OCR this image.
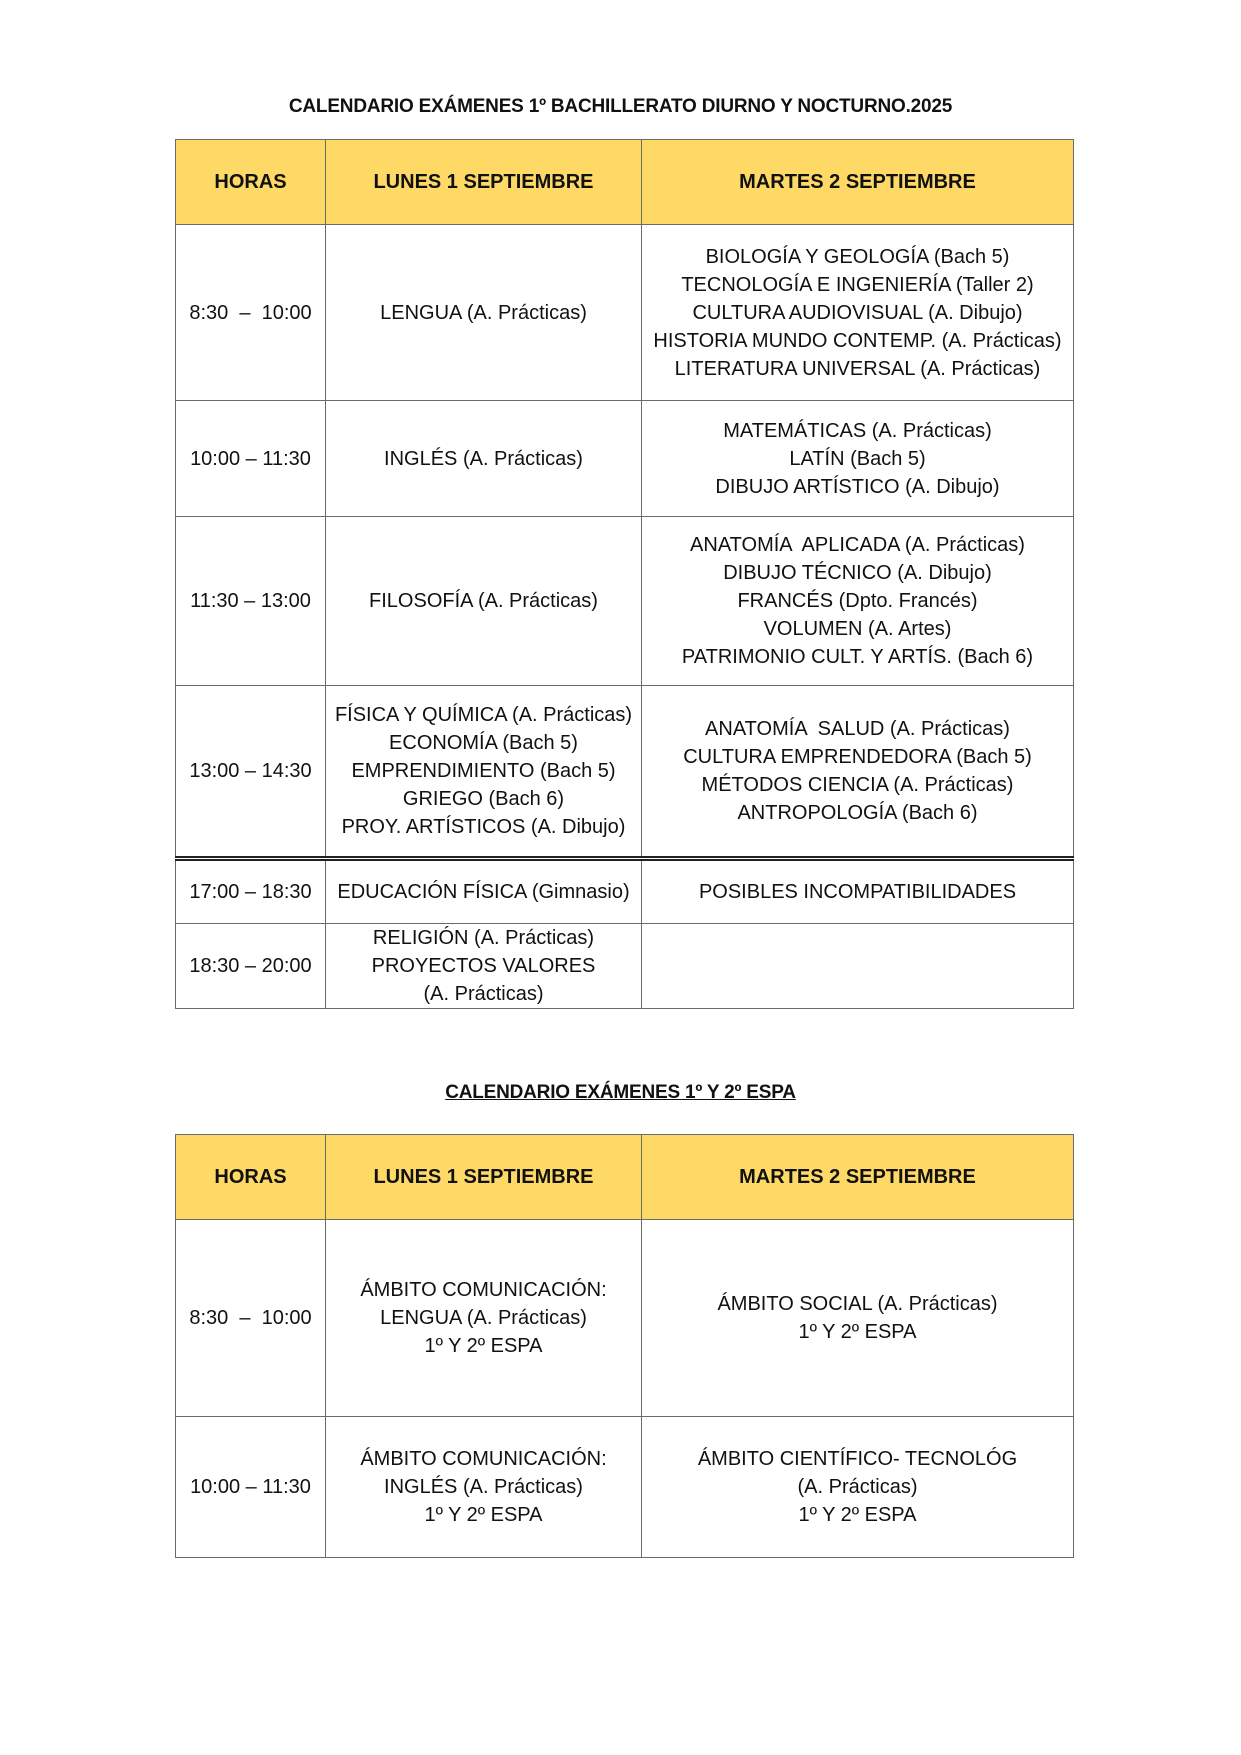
CALENDARIO EXÁMENES 1º BACHILLERATO DIURNO Y NOCTURNO.2025
HORAS	LUNES 1 SEPTIEMBRE	MARTES 2 SEPTIEMBRE
8:30  –  10:00	LENGUA (A. Prácticas)	BIOLOGÍA Y GEOLOGÍA (Bach 5)
TECNOLOGÍA E INGENIERÍA (Taller 2)
CULTURA AUDIOVISUAL (A. Dibujo)
HISTORIA MUNDO CONTEMP. (A. Prácticas)
LITERATURA UNIVERSAL (A. Prácticas)

10:00 – 11:30	INGLÉS (A. Prácticas)	MATEMÁTICAS (A. Prácticas)
LATÍN (Bach 5)
DIBUJO ARTÍSTICO (A. Dibujo)

11:30 – 13:00	FILOSOFÍA (A. Prácticas)	ANATOMÍA  APLICADA (A. Prácticas)
DIBUJO TÉCNICO (A. Dibujo)
FRANCÉS (Dpto. Francés)
VOLUMEN (A. Artes)
PATRIMONIO CULT. Y ARTÍS. (Bach 6)

13:00 – 14:30	FÍSICA Y QUÍMICA (A. Prácticas)
ECONOMÍA (Bach 5)
EMPRENDIMIENTO (Bach 5)
GRIEGO (Bach 6)
PROY. ARTÍSTICOS (A. Dibujo)	ANATOMÍA  SALUD (A. Prácticas)
CULTURA EMPRENDEDORA (Bach 5)
MÉTODOS CIENCIA (A. Prácticas)
ANTROPOLOGÍA (Bach 6)

17:00 – 18:30	EDUCACIÓN FÍSICA (Gimnasio)	POSIBLES INCOMPATIBILIDADES

18:30 – 20:00	RELIGIÓN (A. Prácticas)
PROYECTOS VALORES
(A. Prácticas)	

CALENDARIO EXÁMENES 1º Y 2º ESPA
HORAS	LUNES 1 SEPTIEMBRE	MARTES 2 SEPTIEMBRE
8:30  –  10:00	ÁMBITO COMUNICACIÓN:
LENGUA (A. Prácticas)
1º Y 2º ESPA	ÁMBITO SOCIAL (A. Prácticas)
1º Y 2º ESPA

10:00 – 11:30	ÁMBITO COMUNICACIÓN:
INGLÉS (A. Prácticas)
1º Y 2º ESPA	ÁMBITO CIENTÍFICO- TECNOLÓG
(A. Prácticas)
1º Y 2º ESPA
